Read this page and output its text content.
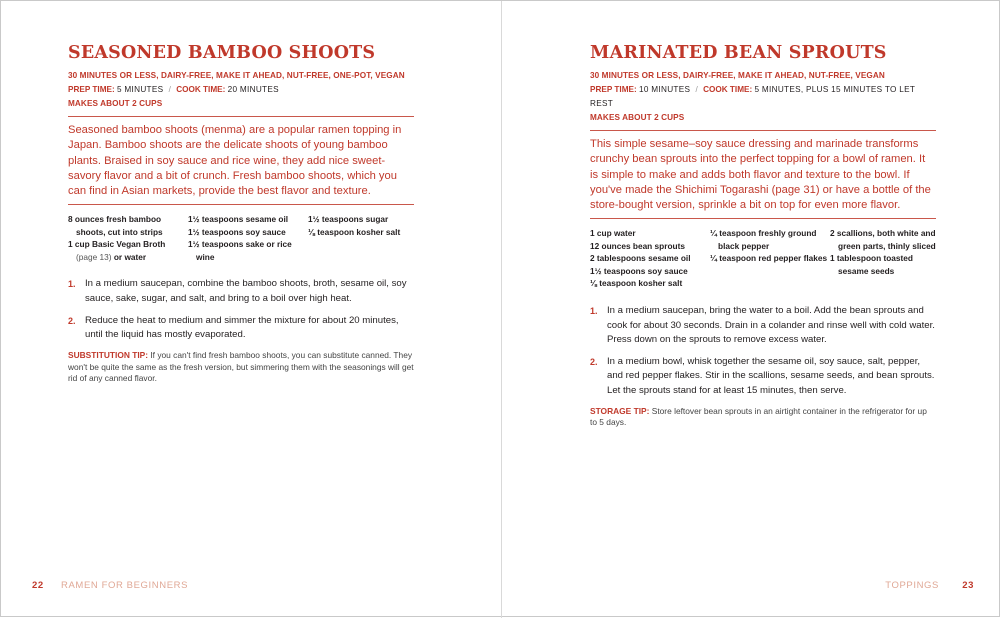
SEASONED BAMBOO SHOOTS
30 MINUTES OR LESS, DAIRY-FREE, MAKE IT AHEAD, NUT-FREE, ONE-POT, VEGAN
PREP TIME: 5 MINUTES / COOK TIME: 20 MINUTES
MAKES ABOUT 2 CUPS

Seasoned bamboo shoots (menma) are a popular ramen topping in Japan. Bamboo shoots are the delicate shoots of young bamboo plants. Braised in soy sauce and rice wine, they add nice sweet-savory flavor and a bit of crunch. Fresh bamboo shoots, which you can find in Asian markets, provide the best flavor and texture.

8 ounces fresh bamboo shoots, cut into strips
1 cup Basic Vegan Broth (page 13) or water
1½ teaspoons sesame oil
1½ teaspoons soy sauce
1½ teaspoons sake or rice wine
1½ teaspoons sugar
⅛ teaspoon kosher salt
1. In a medium saucepan, combine the bamboo shoots, broth, sesame oil, soy sauce, sake, sugar, and salt, and bring to a boil over high heat.
2. Reduce the heat to medium and simmer the mixture for about 20 minutes, until the liquid has mostly evaporated.
SUBSTITUTION TIP: If you can't find fresh bamboo shoots, you can substitute canned. They won't be quite the same as the fresh version, but simmering them with the seasonings will get rid of any canned flavor.
22 RAMEN FOR BEGINNERS
MARINATED BEAN SPROUTS
30 MINUTES OR LESS, DAIRY-FREE, MAKE IT AHEAD, NUT-FREE, VEGAN
PREP TIME: 10 MINUTES / COOK TIME: 5 MINUTES, PLUS 15 MINUTES TO LET REST
MAKES ABOUT 2 CUPS

This simple sesame–soy sauce dressing and marinade transforms crunchy bean sprouts into the perfect topping for a bowl of ramen. It is simple to make and adds both flavor and texture to the bowl. If you've made the Shichimi Togarashi (page 31) or have a bottle of the store-bought version, sprinkle a bit on top for even more flavor.

1 cup water
12 ounces bean sprouts
2 tablespoons sesame oil
1½ teaspoons soy sauce
⅛ teaspoon kosher salt
¼ teaspoon freshly ground black pepper
¼ teaspoon red pepper flakes
2 scallions, both white and green parts, thinly sliced
1 tablespoon toasted sesame seeds
1. In a medium saucepan, bring the water to a boil. Add the bean sprouts and cook for about 30 seconds. Drain in a colander and rinse well with cold water. Press down on the sprouts to remove excess water.
2. In a medium bowl, whisk together the sesame oil, soy sauce, salt, pepper, and red pepper flakes. Stir in the scallions, sesame seeds, and bean sprouts. Let the sprouts stand for at least 15 minutes, then serve.
STORAGE TIP: Store leftover bean sprouts in an airtight container in the refrigerator for up to 5 days.
TOPPINGS 23
